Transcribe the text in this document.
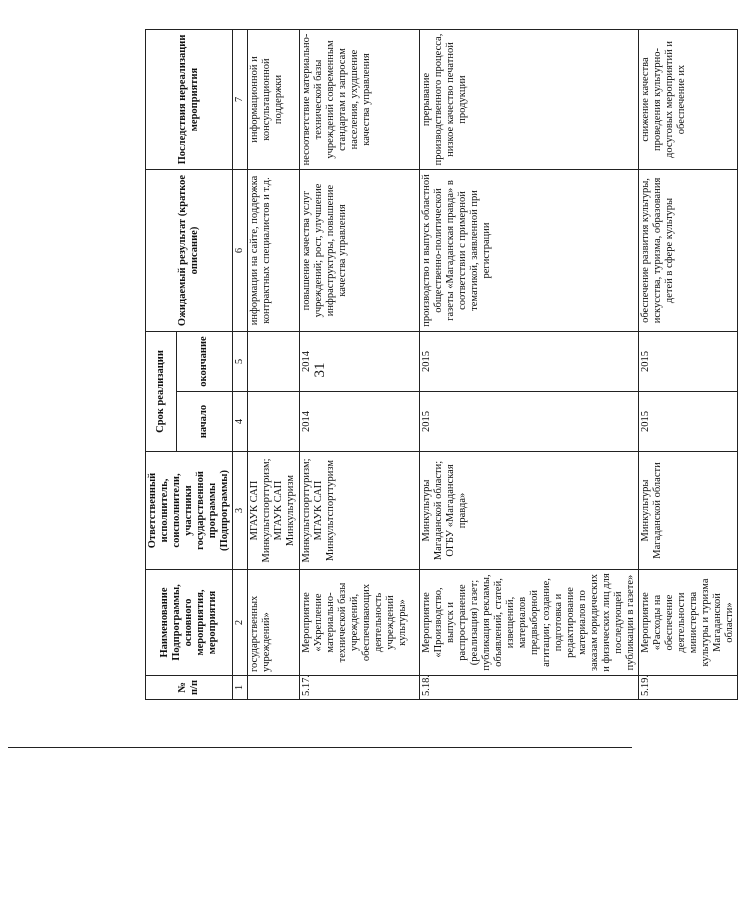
31
№ п/п	Наименование Подпрограммы, основного мероприятия, мероприятия	Ответственный исполнитель, соисполнители, участники государственной программы (Подпрограммы)	Срок реализации		Ожидаемый результат (краткое описание)	Последствия нереализации мероприятия
			начало	окончание		
1	2	3	4	5	6	7
	государственных учреждений»	МГАУК САП Минкультспорттуризм; МГАУК САП Минкультуризм			информации на сайте, поддержка контрактных специалистов и т.д.	информационной и консультационной поддержки
5.17.	Мероприятие «Укрепление материально-технической базы учреждений, обеспечивающих деятельность учреждений культуры»	Минкультспорттуризм; МГАУК САП Минкультспорттуризм	2014	2014	повышение качества услуг учреждений; рост, улучшение инфраструктуры, повышение качества управления	несоответствие материально-технической базы учреждений современным стандартам и запросам населения, ухудшение качества управления
5.18.	Мероприятие «Производство, выпуск и распространение (реализация) газет; публикация рекламы, объявлений, статей, извещений, материалов предвыборной агитации; создание, подготовка и редактирование материалов по заказам юридических и физических лиц для последующей публикации в газете»	Минкультуры Магаданской области; ОГБУ «Магаданская правда»	2015	2015	производство и выпуск областной общественно-политической газеты «Магаданская правда» в соответствии с примерной тематикой, заявленной при регистрации	прерывание производственного процесса, низкое качество печатной продукции
5.19.	Мероприятие «Расходы на обеспечение деятельности министерства культуры и туризма Магаданской области»	Минкультуры Магаданской области	2015	2015	обеспечение развития культуры, искусства, туризма, образования детей в сфере культуры	снижение качества проведения культурно-досуговых мероприятий и обеспечение их
